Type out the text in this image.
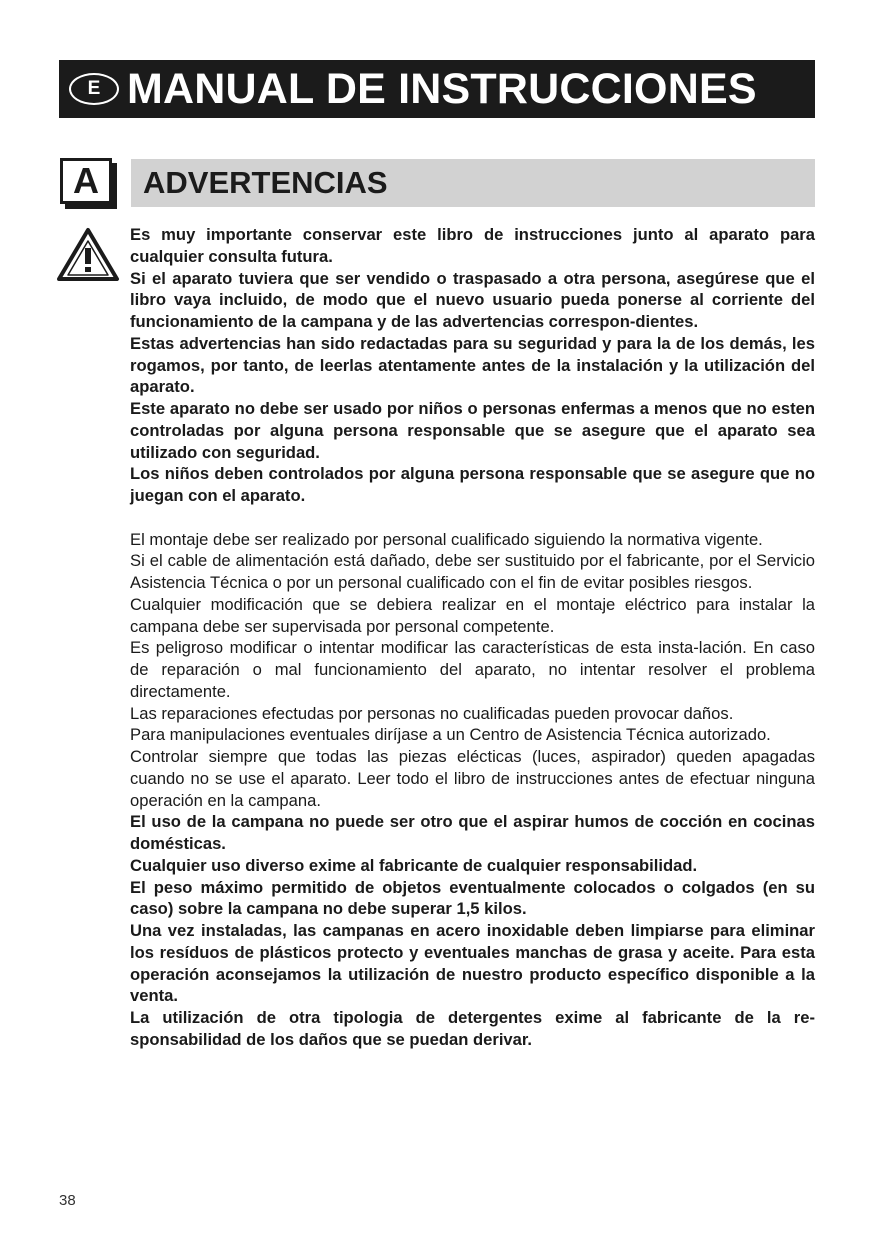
E MANUAL DE INSTRUCCIONES
A	ADVERTENCIAS

Es muy importante conservar este libro de instrucciones junto al aparato para cualquier consulta futura.

Si el aparato tuviera que ser vendido o traspasado a otra persona, asegúrese que el libro vaya incluido, de modo que el nuevo usuario pueda ponerse al corriente del funcionamiento de la campana y de las advertencias correspon-dientes.

Estas advertencias han sido redactadas para su seguridad y para la de los demás, les rogamos, por tanto, de leerlas atentamente antes de la instalación y la utilización del aparato.

Este aparato no debe ser usado por niños o personas enfermas a menos que no esten controladas por alguna persona responsable que se asegure que el aparato sea utilizado con seguridad.

Los niños deben controlados por alguna persona responsable que se asegure que no juegan con el aparato.

El montaje debe ser realizado por personal cualificado siguiendo la normativa vigente.

Si el cable de alimentación está dañado, debe ser sustituido por el fabricante, por el Servicio Asistencia Técnica o por un personal cualificado con el fin de evitar posibles riesgos.

Cualquier modificación que se debiera realizar en el montaje eléctrico para instalar la campana debe ser supervisada por personal competente.

Es peligroso modificar o intentar modificar las características de esta insta-lación. En caso de reparación o mal funcionamiento del aparato, no intentar resolver el problema directamente.

Las reparaciones efectudas por personas no cualificadas pueden provocar daños.

Para manipulaciones eventuales diríjase a un Centro de Asistencia Técnica autorizado.

Controlar siempre que todas las piezas elécticas (luces, aspirador) queden apagadas cuando no se use el aparato. Leer todo el libro de instrucciones antes de efectuar ninguna operación en la campana.

El uso de la campana no puede ser otro que el aspirar humos de cocción en cocinas domésticas.

Cualquier uso diverso exime al fabricante de cualquier responsabilidad.

El peso máximo permitido de objetos eventualmente colocados o colgados (en su caso) sobre la campana no debe superar 1,5 kilos.

Una vez instaladas, las campanas en acero inoxidable deben limpiarse para eliminar los resíduos de plásticos protecto y eventuales manchas de grasa y aceite. Para esta operación aconsejamos la utilización de nuestro producto específico disponible a la venta.

La utilización de otra tipologia de detergentes exime al fabricante de la re-sponsabilidad de los daños que se puedan derivar.

38
